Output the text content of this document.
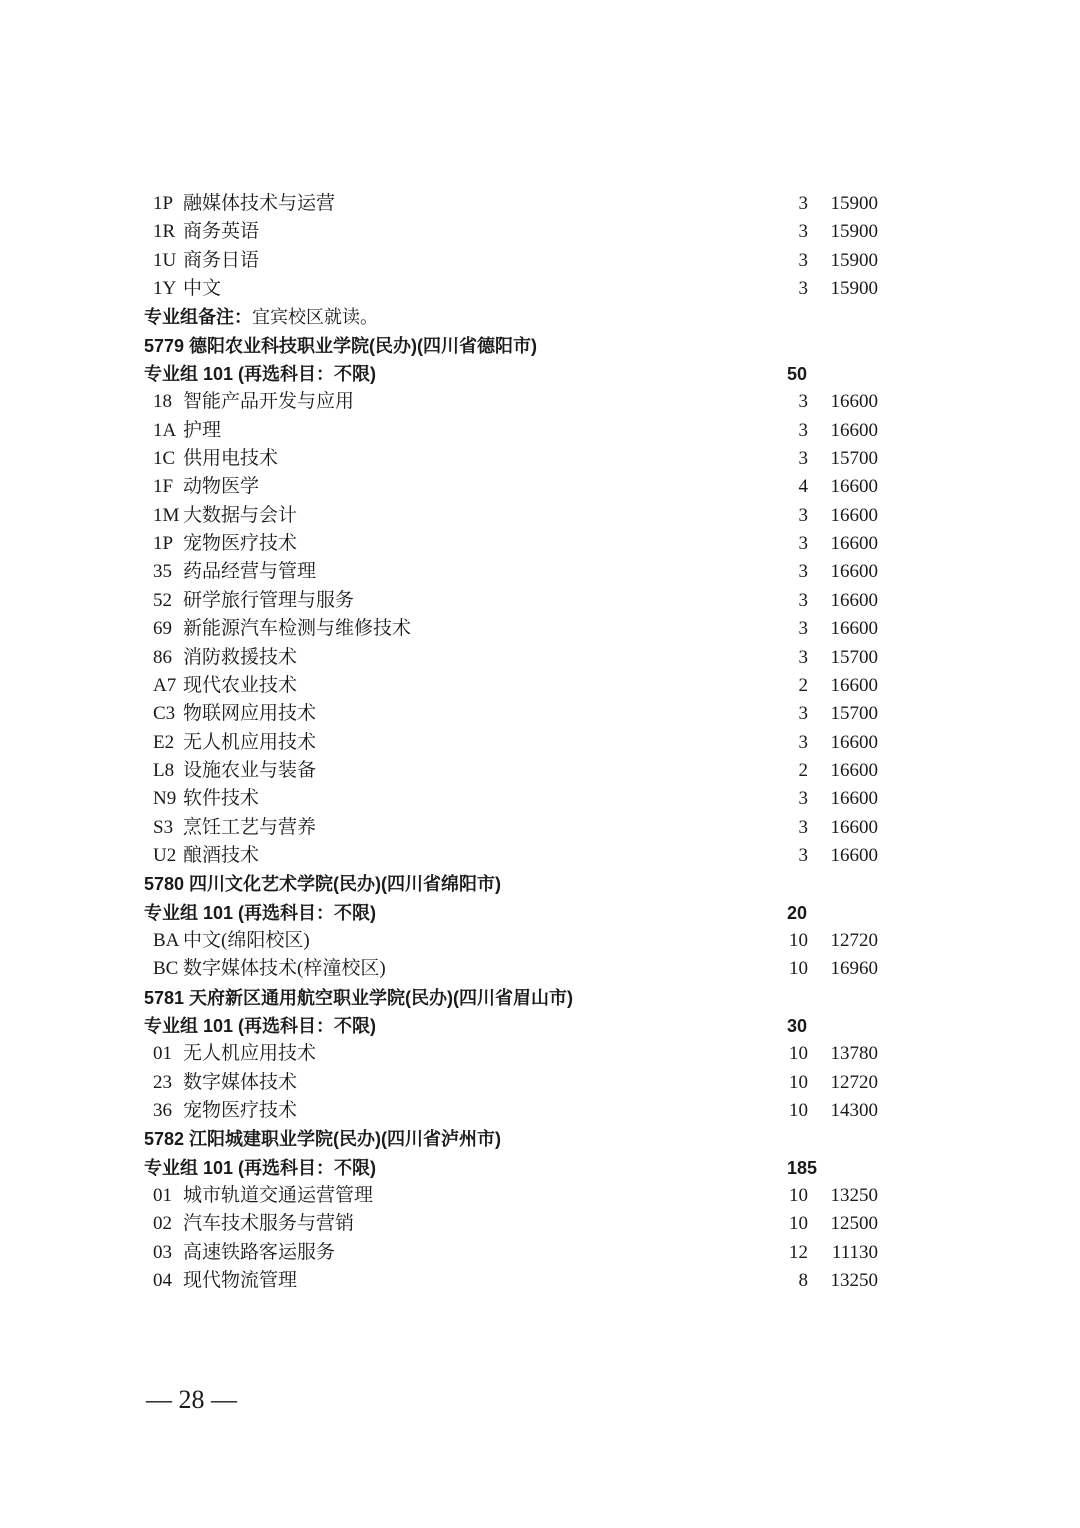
1P 融媒体技术与运营	3 15900
1R 商务英语	3 15900
1U 商务日语	3 15900
1Y 中文	3 15900
专业组备注：宜宾校区就读。
5779 德阳农业科技职业学院(民办)(四川省德阳市)
专业组 101 (再选科目：不限)	50
18 智能产品开发与应用	3 16600
1A 护理	3 16600
1C 供用电技术	3 15700
1F 动物医学	4 16600
1M 大数据与会计	3 16600
1P 宠物医疗技术	3 16600
35 药品经营与管理	3 16600
52 研学旅行管理与服务	3 16600
69 新能源汽车检测与维修技术	3 16600
86 消防救援技术	3 15700
A7 现代农业技术	2 16600
C3 物联网应用技术	3 15700
E2 无人机应用技术	3 16600
L8 设施农业与装备	2 16600
N9 软件技术	3 16600
S3 烹饪工艺与营养	3 16600
U2 酿酒技术	3 16600
5780 四川文化艺术学院(民办)(四川省绵阳市)
专业组 101 (再选科目：不限)	20
BA 中文(绵阳校区)	10 12720
BC 数字媒体技术(梓潼校区)	10 16960
5781 天府新区通用航空职业学院(民办)(四川省眉山市)
专业组 101 (再选科目：不限)	30
01 无人机应用技术	10 13780
23 数字媒体技术	10 12720
36 宠物医疗技术	10 14300
5782 江阳城建职业学院(民办)(四川省泸州市)
专业组 101 (再选科目：不限)	185
01 城市轨道交通运营管理	10 13250
02 汽车技术服务与营销	10 12500
03 高速铁路客运服务	12 11130
04 现代物流管理	8 13250
— 28 —
